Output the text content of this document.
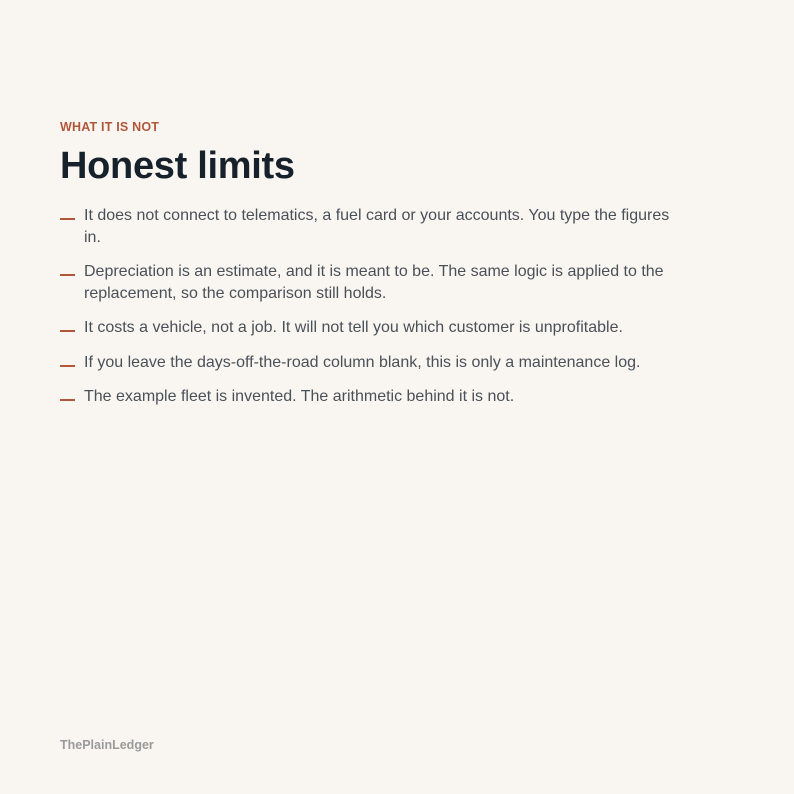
WHAT IT IS NOT
Honest limits
It does not connect to telematics, a fuel card or your accounts. You type the figures in.
Depreciation is an estimate, and it is meant to be. The same logic is applied to the replacement, so the comparison still holds.
It costs a vehicle, not a job. It will not tell you which customer is unprofitable.
If you leave the days-off-the-road column blank, this is only a maintenance log.
The example fleet is invented. The arithmetic behind it is not.
ThePlainLedger
